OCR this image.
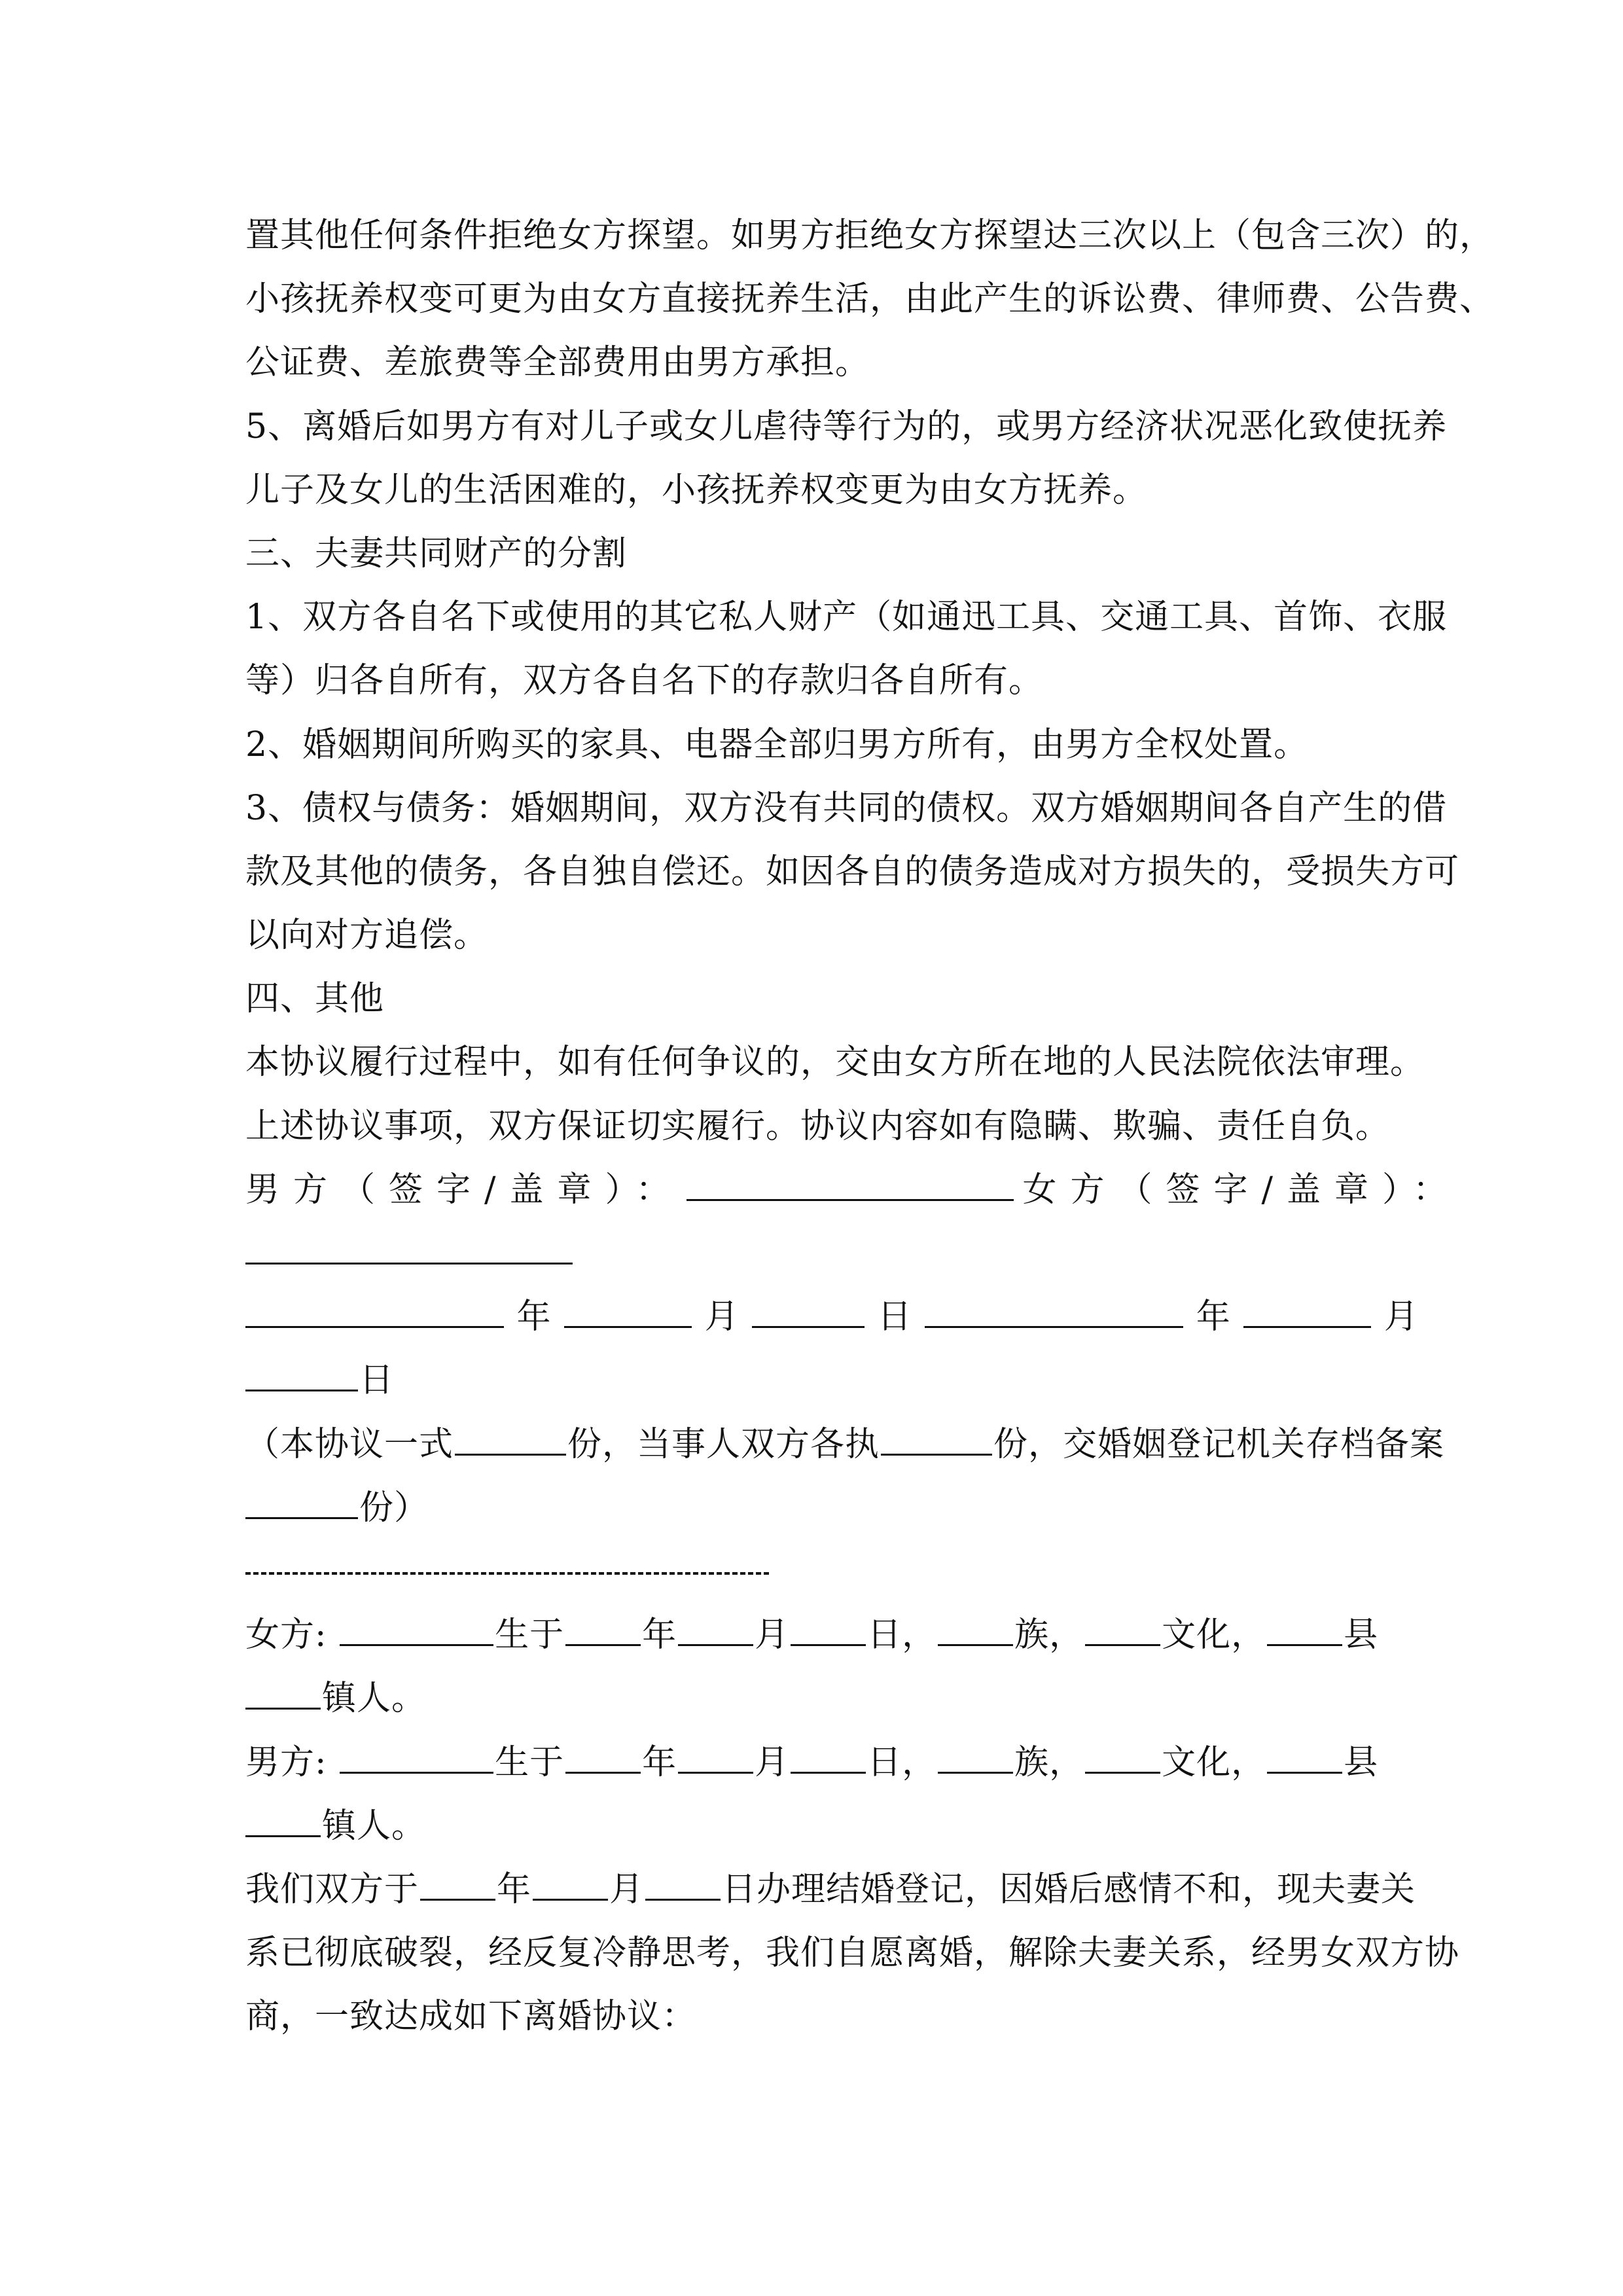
置其他任何条件拒绝女方探望。如男方拒绝女方探望达三次以上（包含三次）的，
小孩抚养权变可更为由女方直接抚养生活，由此产生的诉讼费、律师费、公告费、
公证费、差旅费等全部费用由男方承担。
5、离婚后如男方有对儿子或女儿虐待等行为的，或男方经济状况恶化致使抚养
儿子及女儿的生活困难的，小孩抚养权变更为由女方抚养。
三、夫妻共同财产的分割
1、双方各自名下或使用的其它私人财产（如通迅工具、交通工具、首饰、衣服
等）归各自所有，双方各自名下的存款归各自所有。
2、婚姻期间所购买的家具、电器全部归男方所有，由男方全权处置。
3、债权与债务：婚姻期间，双方没有共同的债权。双方婚姻期间各自产生的借
款及其他的债务，各自独自偿还。如因各自的债务造成对方损失的，受损失方可
以向对方追偿。
四、其他
本协议履行过程中，如有任何争议的，交由女方所在地的人民法院依法审理。
上述协议事项，双方保证切实履行。协议内容如有隐瞒、欺骗、责任自负。
男方（签字/盖章）：	女方（签字/盖章）：
年	月	日	年	月
日
（本协议一式	份，当事人双方各执	份，交婚姻登记机关存档备案
份）
女方:	生于 年 月 日， 族， 文化， 县
镇人。
男方:	生于 年 月 日， 族， 文化， 县
镇人。
我们双方于 年 月 日办理结婚登记，因婚后感情不和，现夫妻关
系已彻底破裂，经反复冷静思考，我们自愿离婚，解除夫妻关系，经男女双方协
商，一致达成如下离婚协议：
